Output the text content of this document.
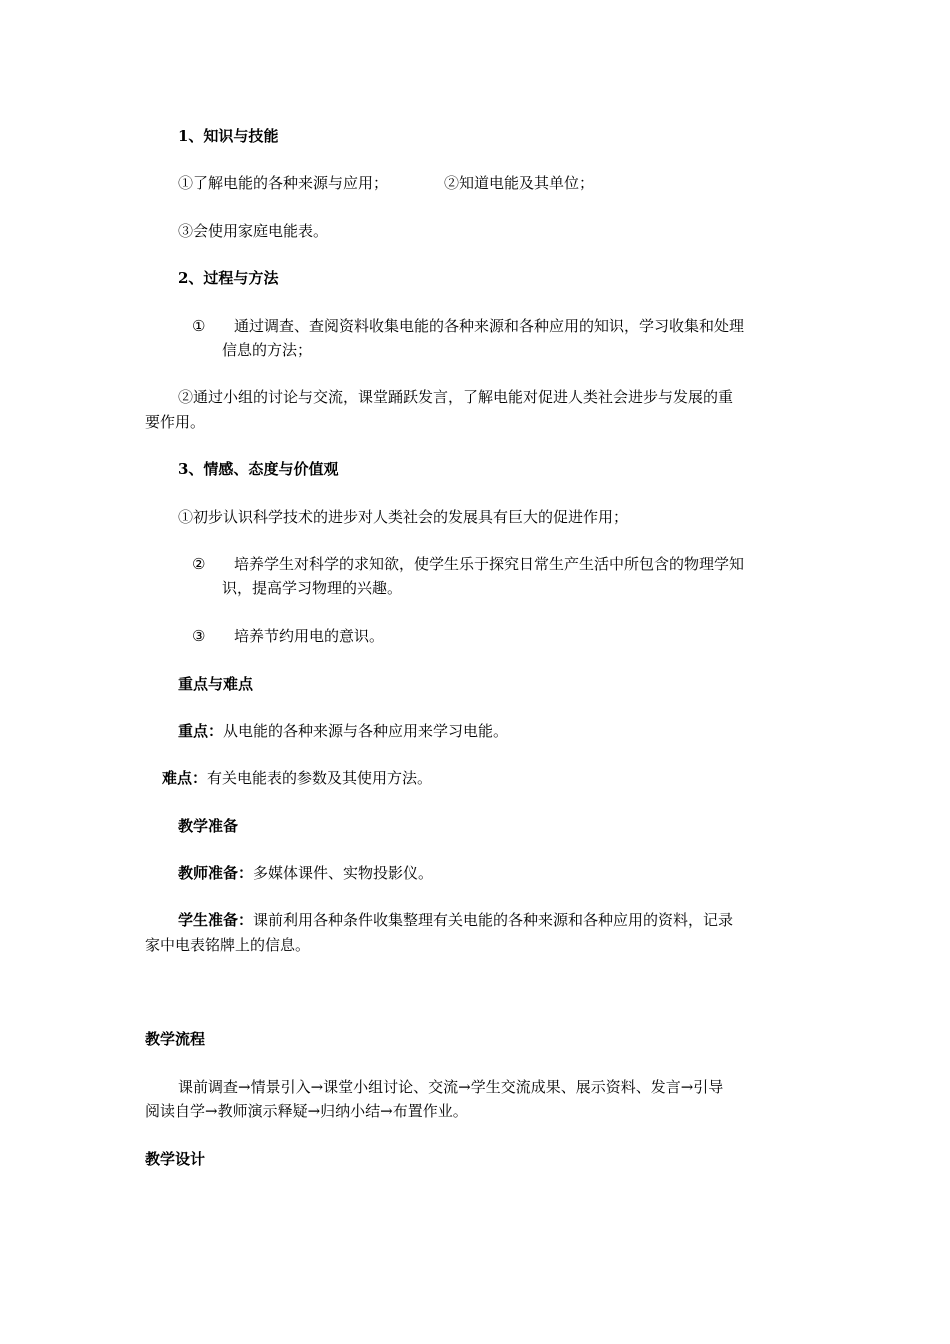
1、知识与技能
①了解电能的各种来源与应用；	②知道电能及其单位；
③会使用家庭电能表。
2、过程与方法
① 通过调查、查阅资料收集电能的各种来源和各种应用的知识，学习收集和处理
信息的方法；
②通过小组的讨论与交流，课堂踊跃发言，了解电能对促进人类社会进步与发展的重
要作用。
3、情感、态度与价值观
①初步认识科学技术的进步对人类社会的发展具有巨大的促进作用；
② 培养学生对科学的求知欲，使学生乐于探究日常生产生活中所包含的物理学知
识，提高学习物理的兴趣。
③ 培养节约用电的意识。
重点与难点
重点：从电能的各种来源与各种应用来学习电能。
难点：有关电能表的参数及其使用方法。
教学准备
教师准备：多媒体课件、实物投影仪。
学生准备：课前利用各种条件收集整理有关电能的各种来源和各种应用的资料，记录
家中电表铭牌上的信息。
教学流程
课前调查→情景引入→课堂小组讨论、交流→学生交流成果、展示资料、发言→引导
阅读自学→教师演示释疑→归纳小结→布置作业。
教学设计
